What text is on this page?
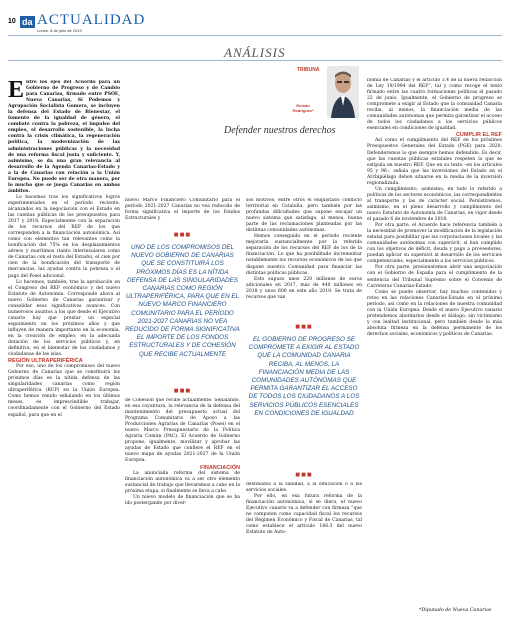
10 da ACTUALIDAD
Lunes, 8 de julio de 2019
ANÁLISIS

Entre los ejes del Acuerdo para un Gobierno de Progreso y de Cambio para Canarias, firmado entre PSOE, Nueva Canarias, Sí Podemos y Agrupación Socialista Gomera, se incluyen la defensa del Estado de Bienestar, el fomento de la igualdad de género, el combate contra la pobreza, el impulso del empleo, el desarrollo sostenible, la lucha contra la crisis climática, la regeneración política, la modernización de las administraciones públicas y la necesidad de una reforma fiscal justa y suficiente. Y, asimismo, se da una gran relevancia al desarrollo de la Agenda Canarias-Estado y a la de Canarias con relación a la Unión Europea. No puede ser de otra manera, por lo mucho que se juega Canarias en ambos ámbitos.

Lo hacemos tras los significativos logros experimentados en el período reciente, alcanzados en la negociación con el Estado en las cuentas públicas de los presupuestos para 2017 y 2018. Especialmente con la separación de los recursos del REF de los que corresponden a la financiación autonómica. Así como con elementos tan relevantes como la bonificación del 75% en los desplazamientos aéreos y marítimos (tanto interinsulares como de Canarias con el resto del Estado), el cien por cien de la bonificación del transporte de mercancías, las ayudas contra la pobreza o el pago del Posei adicional.

Lo hacemos, también, tras la aprobación en el Congreso del REF económico y del nuevo Estatuto de Autonomía. Corresponde ahora al nuevo Gobierno de Canarias garantizar y consolidar esos significativos avances. Con numerosos asuntos a los que desde el Ejecutivo canario hay que prestar un especial seguimiento en los próximos años y que influyen de manera importante en la economía, en la creación de empleo, en la adecuada dotación de los servicios públicos y, en definitiva, en el bienestar de los ciudadanos y ciudadanas de las islas.

REGIÓN ULTRAPERIFÉRICA

Por eso, uno de los compromisos del nuevo Gobierno de Canarias que se constituirá los próximos días es la nítida defensa de las singularidades canarias como región ultraperiférica (RUP) en la Unión Europea. Como hemos venido señalando en los últimos meses, es imprescindible trabajar, coordinadamente con el Gobierno del Estado español, para que en el

nuevo Marco Financiero Comunitario para el período 2021-2027 Canarias no vea reducido de forma significativa el importe de los Fondos Estructurales y

■■■
UNO DE LOS COMPROMISOS DEL NUEVO GOBIERNO DE CANARIAS QUE SE CONSTITUIRÁ LOS PRÓXIMOS DÍAS ES LA NÍTIDA DEFENSA DE LAS SINGULARIDADES CANARIAS COMO REGIÓN ULTRAPERIFÉRICA, PARA QUE EN EL NUEVO MARCO FINANCIERO COMUNITARIO PARA EL PERÍODO 2021-2027 CANARIAS NO VEA REDUCIDO DE FORMA SIGNIFICATIVA EL IMPORTE DE LOS FONDOS ESTRUCTURALES Y DE COHESIÓN QUE RECIBE ACTUALMENTE
■■■

de Cohesión que recibe actualmente. Señalando, en esa coyuntura, la relevancia de la defensa del mantenimiento del presupuesto actual del Programa Comunitario de Apoyo a las Producciones Agrarias de Canarias (Posei) en el nuevo Marco Presupuestario de la Política Agraria Común (PAC). El Acuerdo de Gobierno propone, igualmente, movilizar y aprobar las ayudas de Estado que confiere el REF en el nuevo mapa de ayudas 2021-2027 de la Unión Europea.

FINANCIACIÓN

La anunciada reforma del sistema de financiación autonómica va a ser otro elemento sustancial de trabajo que llevaremos a cabo en la próxima etapa, si finalmente se lleva a cabo.

Un nuevo modelo de financiación que se ha ido postergando por diver-

TRIBUNA
Román
Rodríguez*
Defender nuestros derechos

sos motivos, entre otros el enquistado conflicto territorial en Cataluña, pero también por las profundas dificultades que supone encajar un nuevo sistema que satisfaga, al menos, buena parte de las reclamaciones planteadas por las distintas comunidades autónomas.

Hemos conseguido en el período reciente mejorarla sustancialmente por la referida separación de los recursos del REF de los de la financiación. Lo que ha posibilitado incrementar notablemente los recursos económicos de los que dispone nuestra Comunidad para financiar las distintas políticas públicas.

Esto supuso unos 220 millones de euros adicionales en 2017, más de 440 millones en 2018 y unos 600 en este año 2019. Se trata de recursos que van

■■■
EL GOBIERNO DE PROGRESO SE COMPROMETE A EXIGIR AL ESTADO QUE LA COMUNIDAD CANARIA RECIBA, AL MENOS, LA FINANCIACIÓN MEDIA DE LAS COMUNIDADES AUTÓNOMAS QUE PERMITA GARANTIZAR EL ACCESO DE TODOS LOS CIUDADANOS A LOS SERVICIOS PÚBLICOS ESENCIALES EN CONDICIONES DE IGUALDAD
■■■

destinados a la sanidad, a la educación o a los servicios sociales.

Por ello, en esa futura reforma de la financiación autonómica, si se diera, el nuevo Ejecutivo canario va a defender con firmeza “que no computen como capacidad fiscal los recursos del Régimen Económico y Fiscal de Canarias, tal como establece el artículo 166.3 del nuevo Estatuto de Auto-

nomía de Canarias y el artículo 3.4 de la nueva redacción de Ley 19/1994 del REF”, tal y como recoge el texto firmado entre las cuatro formaciones políticas el pasado 22 de junio. Igualmente, el Gobierno de progreso se compromete a exigir al Estado que la comunidad Canaria reciba, al menos, la financiación media de las comunidades autónomas que permita garantizar el acceso de todos los ciudadanos a los servicios públicos esenciales en condiciones de igualdad.

CUMPLIR EL REF

Así como el cumplimiento del REF en los próximos Presupuestos Generales del Estado (PGE) para 2020. Defenderemos lo que siempre hemos defendido. Es decir, que las cuentas públicas estatales respeten lo que se estipula en nuestro REF. Que en su texto –en los artículos 95 y 96–, señala que las inversiones del Estado en el Archipiélago deben situarse en la media de la inversión regionalizada.

Un cumplimiento, asimismo, en todo lo referido a políticas de los sectores económicos, las correspondientes al transporte y las de carácter social. Persistiremos, asimismo, en el pleno desarrollo y cumplimiento del nuevo Estatuto de Autonomía de Canarias, en vigor desde el pasado 6 de noviembre de 2018.

Por otra parte, el Acuerdo hace referencia también a la necesidad de promover la modificación de la legislación estatal para posibilitar que las corporaciones locales y las comunidades autónomas con superávit, si han cumplido con los objetivos de déficit, deuda y pago a proveedores, puedan aplicar su superávit al desarrollo de los servicios competenciales, especialmente a los servicios públicos.

Por otra parte, presionaremos abrir una negociación con el Gobierno de España para el cumplimiento de la sentencia del Tribunal Supremo sobre el Convenio de Carreteras Canarias-Estado.

Como se puede observar, hay muchos contenidos y retos en las relaciones Canarias-Estado en el próximo período, así como en la relaciones de nuestra comunidad con la Unión Europea. Desde el nuevo Ejecutivo canario pretendemos abordarlos desde el diálogo, sin victimismo y con lealtad institucional, pero también desde la más absoluta firmeza en la defensa permanente de los derechos sociales, económicos y políticos de Canarias.

*Diputado de Nueva Canarias
